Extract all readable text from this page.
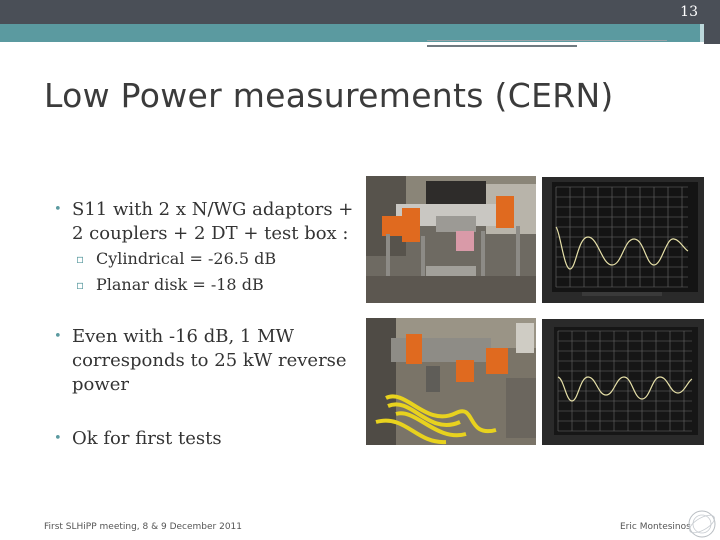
13
Low Power measurements (CERN)
• S11 with 2 x N/WG adaptors + 2 couplers + 2 DT + test box :
▫ Cylindrical = -26.5 dB
▫ Planar disk = -18 dB
• Even with -16 dB, 1 MW corresponds to 25 kW reverse power
• Ok for first tests
First SLHiPP meeting, 8 & 9 December 2011	Eric Montesinos
